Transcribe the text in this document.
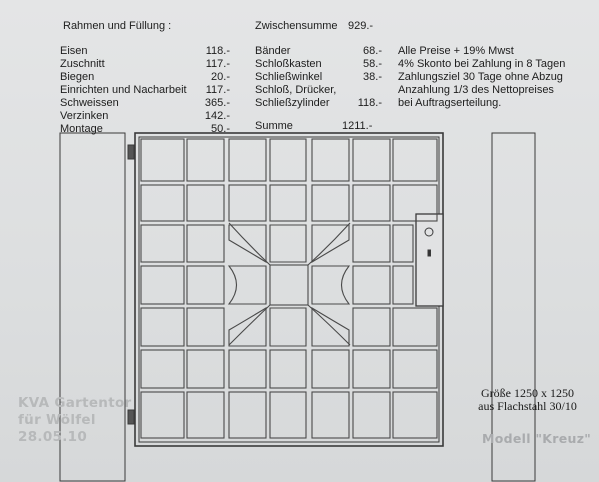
Rahmen und Füllung :	Zwischensumme 929.-
Eisen	118.-
Zuschnitt	117.-
Biegen	20.-
Einrichten und Nacharbeit	117.-
Schweissen	365.-
Verzinken	142.-
Montage	50.-
Bänder	68.-
Schloßkasten	58.-
Schließwinkel	38.-
Schloß, Drücker,
Schließzylinder	118.-
Summe	1211.-
Alle Preise + 19% Mwst
4% Skonto bei Zahlung in 8 Tagen
Zahlungsziel 30 Tage ohne Abzug
Anzahlung 1/3 des Nettopreises
bei Auftragserteilung.
KVA Gartentor
für Wölfel
28.05.10
Größe 1250 x 1250
aus Flachstahl 30/10
Modell "Kreuz"
